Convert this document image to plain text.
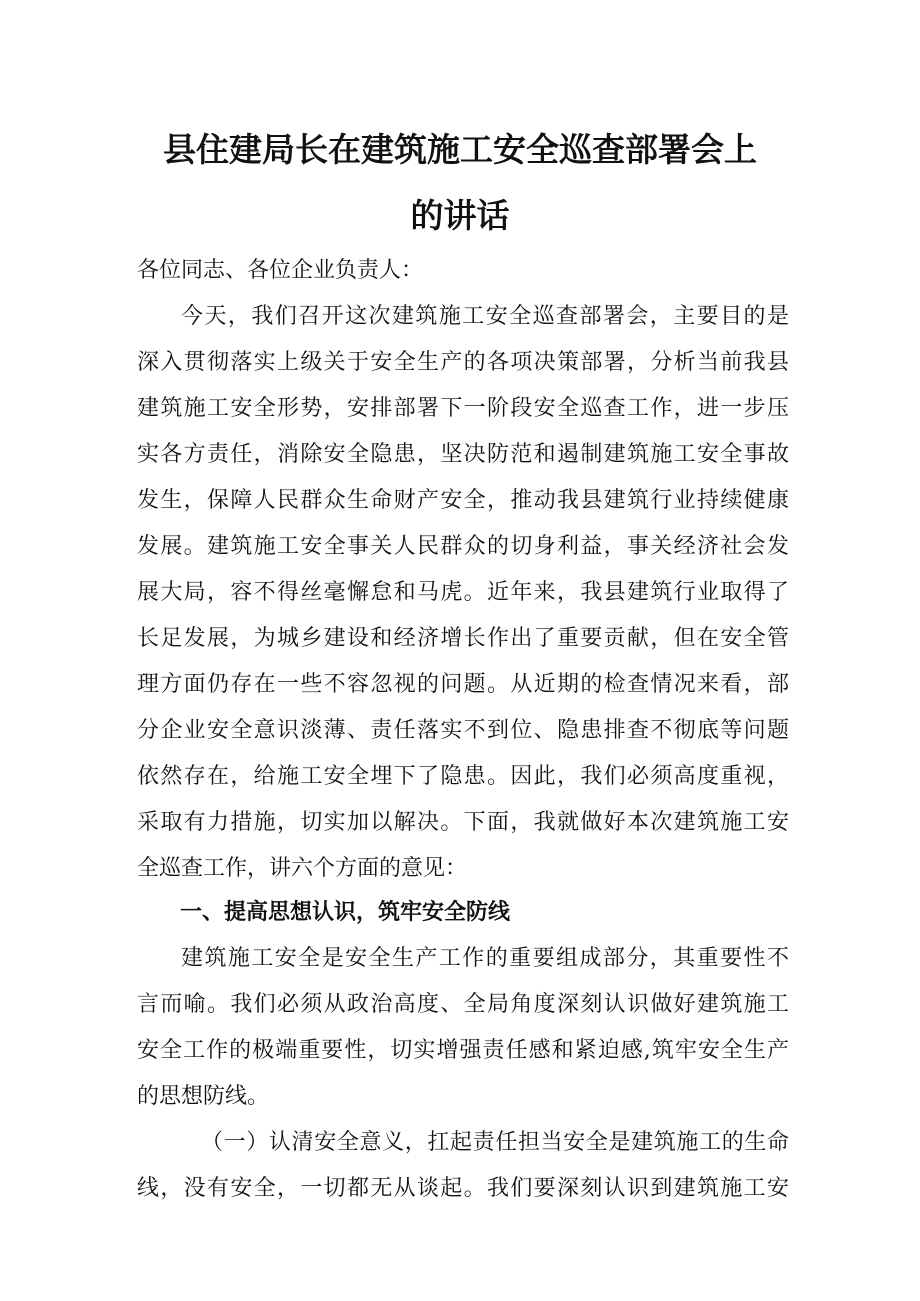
县住建局长在建筑施工安全巡查部署会上
的讲话
各位同志、各位企业负责人：
今天，我们召开这次建筑施工安全巡查部署会，主要目的是
深入贯彻落实上级关于安全生产的各项决策部署，分析当前我县
建筑施工安全形势，安排部署下一阶段安全巡查工作，进一步压
实各方责任，消除安全隐患，坚决防范和遏制建筑施工安全事故
发生，保障人民群众生命财产安全，推动我县建筑行业持续健康
发展。建筑施工安全事关人民群众的切身利益，事关经济社会发
展大局，容不得丝毫懈怠和马虎。近年来，我县建筑行业取得了
长足发展，为城乡建设和经济增长作出了重要贡献，但在安全管
理方面仍存在一些不容忽视的问题。从近期的检查情况来看，部
分企业安全意识淡薄、责任落实不到位、隐患排查不彻底等问题
依然存在，给施工安全埋下了隐患。因此，我们必须高度重视，
采取有力措施，切实加以解决。下面，我就做好本次建筑施工安
全巡查工作，讲六个方面的意见：
一、提高思想认识，筑牢安全防线
建筑施工安全是安全生产工作的重要组成部分，其重要性不
言而喻。我们必须从政治高度、全局角度深刻认识做好建筑施工
安全工作的极端重要性，切实增强责任感和紧迫感,筑牢安全生产
的思想防线。
（一）认清安全意义，扛起责任担当安全是建筑施工的生命
线，没有安全，一切都无从谈起。我们要深刻认识到建筑施工安
